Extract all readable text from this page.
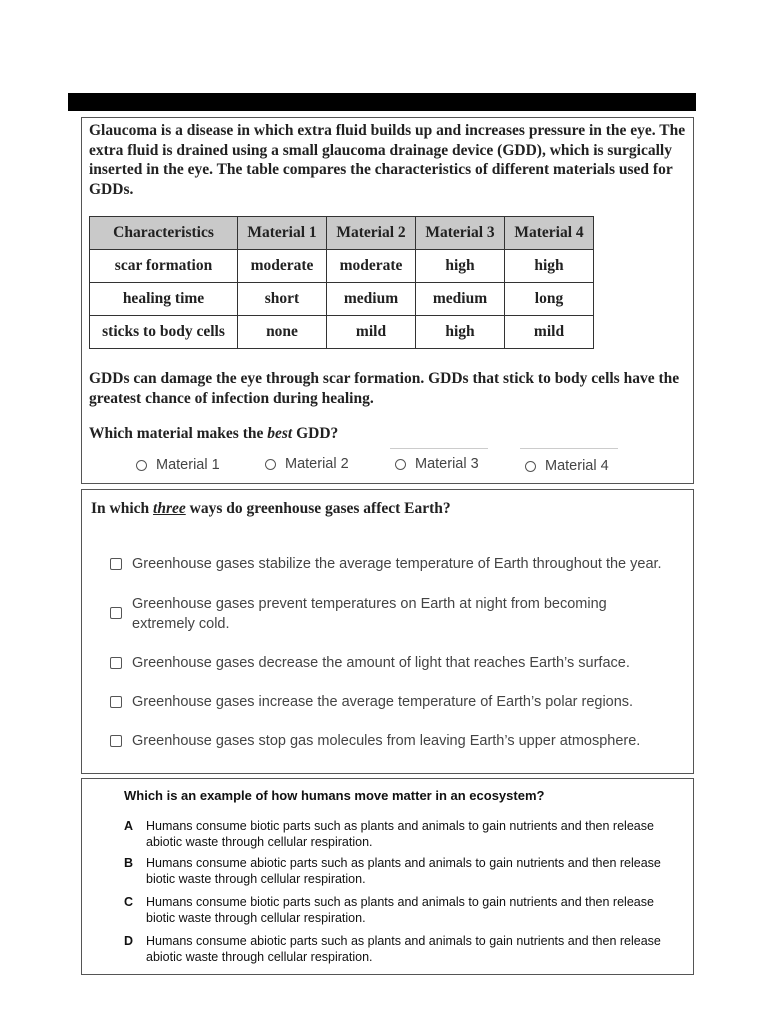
Glaucoma is a disease in which extra fluid builds up and increases pressure in the eye. The extra fluid is drained using a small glaucoma drainage device (GDD), which is surgically inserted in the eye. The table compares the characteristics of different materials used for GDDs.
Characteristics	Material 1	Material 2	Material 3	Material 4
scar formation	moderate	moderate	high	high
healing time	short	medium	medium	long
sticks to body cells	none	mild	high	mild
GDDs can damage the eye through scar formation. GDDs that stick to body cells have the greatest chance of infection during healing.
Which material makes the best GDD?
Material 1	Material 2	Material 3	Material 4
In which three ways do greenhouse gases affect Earth?
Greenhouse gases stabilize the average temperature of Earth throughout the year.
Greenhouse gases prevent temperatures on Earth at night from becoming extremely cold.
Greenhouse gases decrease the amount of light that reaches Earth’s surface.
Greenhouse gases increase the average temperature of Earth’s polar regions.
Greenhouse gases stop gas molecules from leaving Earth’s upper atmosphere.
Which is an example of how humans move matter in an ecosystem?
A	Humans consume biotic parts such as plants and animals to gain nutrients and then release abiotic waste through cellular respiration.
B	Humans consume abiotic parts such as plants and animals to gain nutrients and then release biotic waste through cellular respiration.
C	Humans consume biotic parts such as plants and animals to gain nutrients and then release biotic waste through cellular respiration.
D	Humans consume abiotic parts such as plants and animals to gain nutrients and then release abiotic waste through cellular respiration.
